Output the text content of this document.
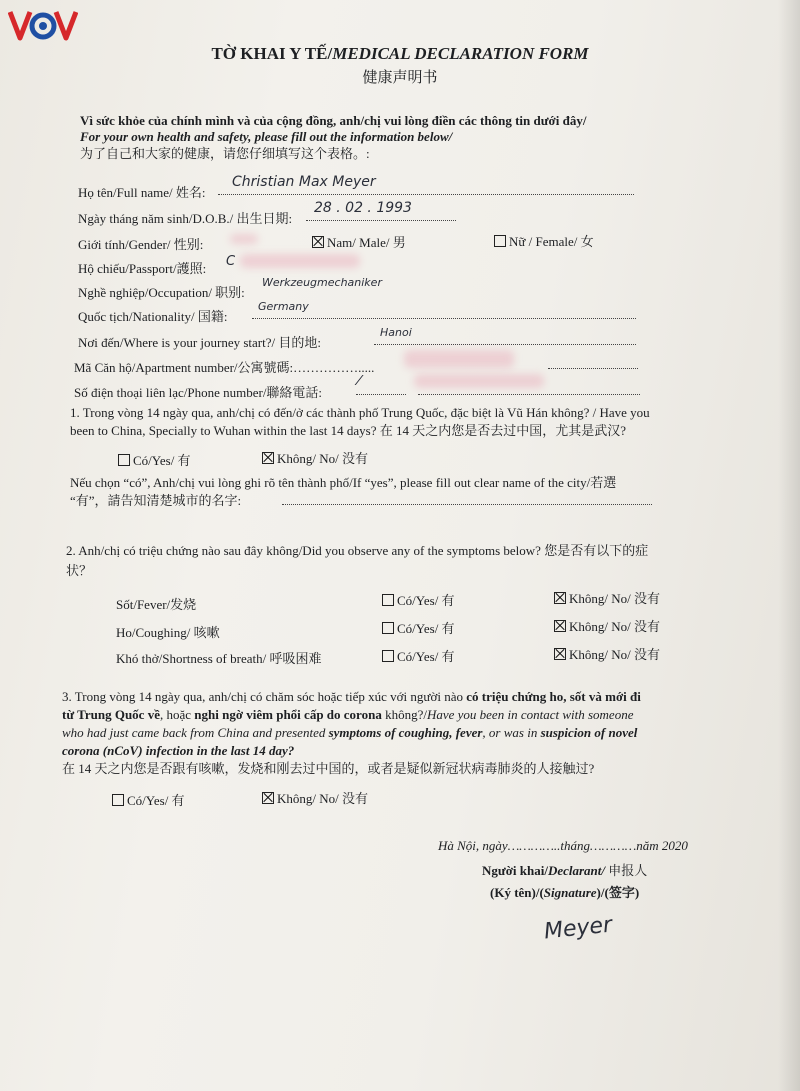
TỜ KHAI Y TẾ/MEDICAL DECLARATION FORM
健康声明书
Vì sức khỏe của chính mình và của cộng đồng, anh/chị vui lòng điền các thông tin dưới đây/
For your own health and safety, please fill out the information below/
为了自己和大家的健康，请您仔细填写这个表格。:
Họ tên/Full name/ 姓名:
Christian Max Meyer
Ngày tháng năm sinh/D.O.B./ 出生日期:
28 . 02 . 1993
Giới tính/Gender/ 性别:	Nam/ Male/ 男	Nữ / Female/ 女
Hộ chiếu/Passport/護照: C
Nghề nghiệp/Occupation/ 职别:
Werkzeugmechaniker
Quốc tịch/Nationality/ 国籍:
Germany
Nơi đến/Where is your journey start?/ 目的地:
Hanoi
Mã Căn hộ/Apartment number/公寓號碼:…………….....
Số điện thoại liên lạc/Phone number/聯絡電話:
⁄
1. Trong vòng 14 ngày qua, anh/chị có đến/ở các thành phố Trung Quốc, đặc biệt là Vũ Hán không? / Have you
been to China, Specially to Wuhan within the last 14 days? 在 14 天之内您是否去过中国，尤其是武汉?
Có/Yes/ 有	Không/ No/ 没有
Nếu chọn “có”, Anh/chị vui lòng ghi rõ tên thành phố/If “yes”, please fill out clear name of the city/若選
“有”，請告知清楚城市的名字:
2. Anh/chị có triệu chứng nào sau đây không/Did you observe any of the symptoms below? 您是否有以下的症
状？
Sốt/Fever/发烧	Có/Yes/ 有	Không/ No/ 没有
Ho/Coughing/ 咳嗽	Có/Yes/ 有	Không/ No/ 没有
Khó thở/Shortness of breath/ 呼吸困难	Có/Yes/ 有	Không/ No/ 没有
3. Trong vòng 14 ngày qua, anh/chị có chăm sóc hoặc tiếp xúc với người nào có triệu chứng ho, sốt và mới đi
từ Trung Quốc về, hoặc nghi ngờ viêm phổi cấp do corona không?/Have you been in contact with someone
who had just came back from China and presented symptoms of coughing, fever, or was in suspicion of novel
corona (nCoV) infection in the last 14 day?
在 14 天之内您是否跟有咳嗽，发烧和刚去过中国的，或者是疑似新冠状病毒肺炎的人接触过?
Có/Yes/ 有	Không/ No/ 没有
Hà Nội, ngày…………..tháng…………năm 2020
Người khai/Declarant/ 申报人
(Ký tên)/(Signature)/(签字)
Meyer
